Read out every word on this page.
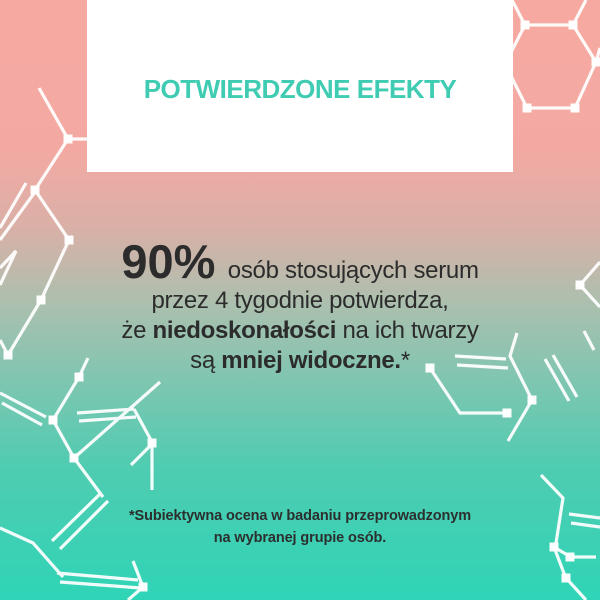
POTWIERDZONE EFEKTY
90% osób stosujących serum
przez 4 tygodnie potwierdza,
że niedoskonałości na ich twarzy
są mniej widoczne.*
*Subiektywna ocena w badaniu przeprowadzonym
na wybranej grupie osób.
